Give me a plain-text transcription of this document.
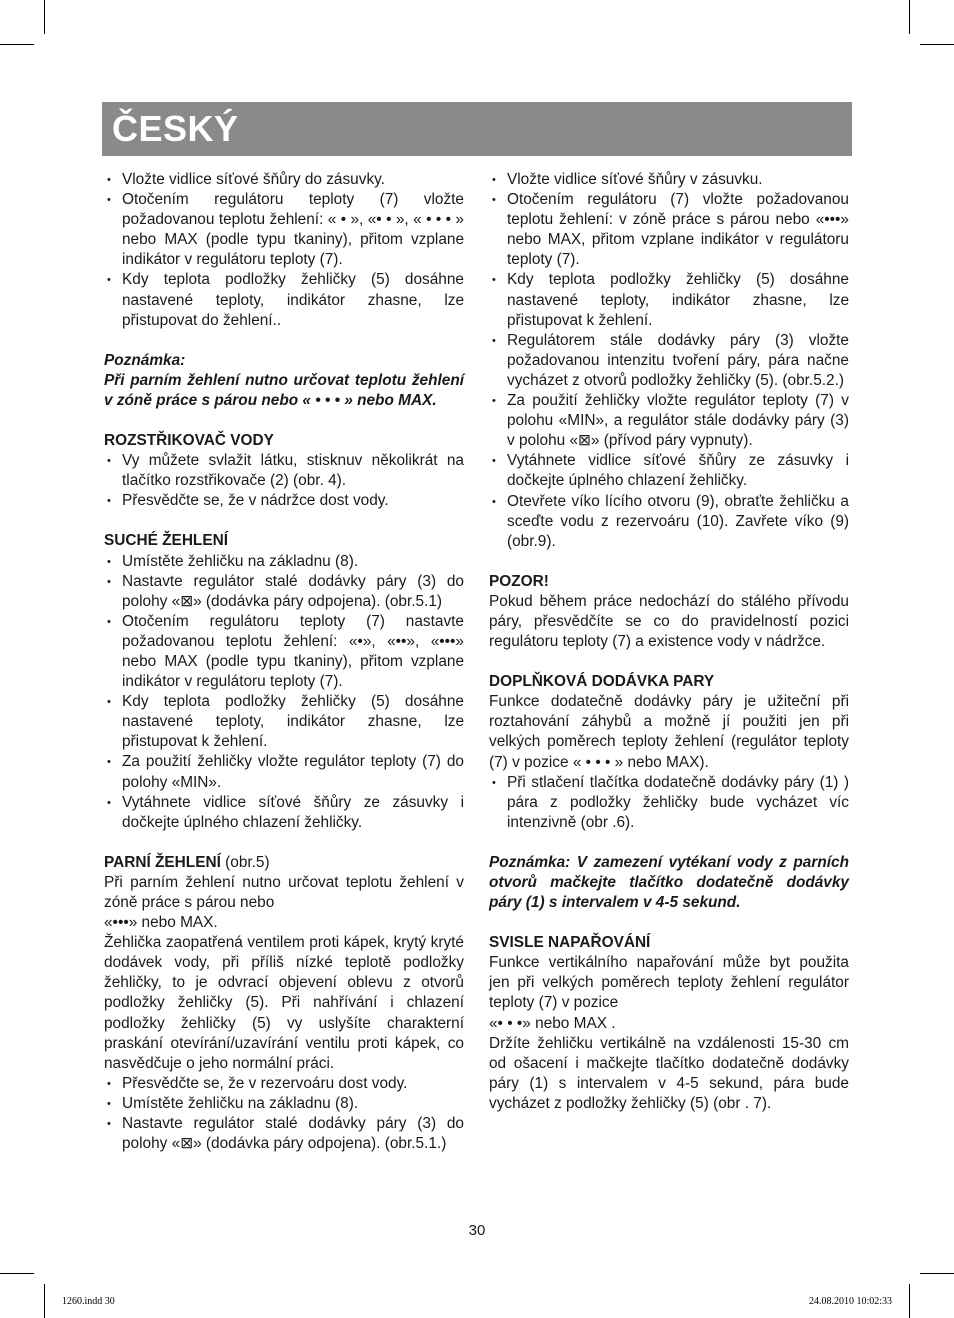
ČESKÝ
• Vložte vidlice síťové šňůry do zásuvky.
• Otočením regulátoru teploty (7) vložte požadovanou teplotu žehlení: « • », «• • », « • • • » nebo MAX (podle typu tkaniny), přitom vzplane indikátor v regulátoru teploty (7).
• Kdy teplota podložky žehličky (5) dosáhne nastavené teploty, indikátor zhasne, lze přistupovat do žehlení..

Poznámka:

Při parním žehlení nutno určovat teplotu žehlení v zóně práce s párou nebo « • • • » nebo MAX.

ROZSTŘIKOVAČ VODY

• Vy můžete svlažit látku, stisknuv několikrát na tlačítko rozstřikovače (2) (obr. 4).
• Přesvědčte se, že v nádržce dost vody.

SUCHÉ ŽEHLENÍ

• Umístěte žehličku na základnu (8).
• Nastavte regulátor stalé dodávky páry (3) do polohy «⊠» (dodávka páry odpojena). (obr.5.1)
• Otočením regulátoru teploty (7) nastavte požadovanou teplotu žehlení: «•», «••», «•••» nebo MAX (podle typu tkaniny), přitom vzplane indikátor v regulátoru teploty (7).
• Kdy teplota podložky žehličky (5) dosáhne nastavené teploty, indikátor zhasne, lze přistupovat k žehlení.
• Za použití žehličky vložte regulátor teploty (7) do polohy «MIN».
• Vytáhnete vidlice síťové šňůry ze zásuvky i dočkejte úplného chlazení žehličky.

PARNÍ ŽEHLENÍ (obr.5)

Při parním žehlení nutno určovat teplotu žehlení v zóně práce s párou nebo

«•••» nebo MAX.

Žehlička zaopatřená ventilem proti kápek, krytý kryté dodávek vody, při příliš nízké teplotě podložky žehličky, to je odvrací objevení oblevu z otvorů podložky žehličky (5). Při nahřívání i chlazení podložky žehličky (5) vy uslyšíte charakterní praskání otevírání/uzavírání ventilu proti kápek, co nasvědčuje o jeho normální práci.

• Přesvědčte se, že v rezervoáru dost vody.
• Umístěte žehličku na základnu (8).
• Nastavte regulátor stalé dodávky páry (3) do polohy «⊠» (dodávka páry odpojena). (obr.5.1.)
• Vložte vidlice síťové šňůry v zásuvku.
• Otočením regulátoru (7) vložte požadovanou teplotu žehlení: v zóně práce s párou nebo «•••» nebo MAX, přitom vzplane indikátor v regulátoru teploty (7).
• Kdy teplota podložky žehličky (5) dosáhne nastavené teploty, indikátor zhasne, lze přistupovat k žehlení.
• Regulátorem stále dodávky páry (3) vložte požadovanou intenzitu tvoření páry, pára načne vycházet z otvorů podložky žehličky (5). (obr.5.2.)
• Za použití žehličky vložte regulátor teploty (7) v polohu «MIN», a regulátor stále dodávky páry (3) v polohu «⊠» (přívod páry vypnuty).
• Vytáhnete vidlice síťové šňůry ze zásuvky i dočkejte úplného chlazení žehličky.
• Otevřete víko lícího otvoru (9), obraťte žehličku a sceďte vodu z rezervoáru (10). Zavřete víko (9) (obr.9).

POZOR!

Pokud během práce nedochází do stálého přívodu páry, přesvědčíte se co do pravidelností pozici regulátoru teploty (7) a existence vody v nádržce.

DOPLŇKOVÁ DODÁVKA PARY

Funkce dodatečně dodávky páry je užiteční při roztahování záhybů a možně jí použiti jen při velkých poměrech teploty žehlení (regulátor teploty (7) v pozice « • • • » nebo MAX).

• Při stlačení tlačítka dodatečně dodávky páry (1) ) pára z podložky žehličky bude vycházet víc intenzivně (obr .6).

Poznámka: V zamezení vytékaní vody z parních otvorů mačkejte tlačítko dodatečně dodávky páry (1) s intervalem v 4-5 sekund.

SVISLE NAPAŘOVÁNÍ

Funkce vertikálního napařování může byt použita jen při velkých poměrech teploty žehlení regulátor teploty (7) v pozice

«• • •» nebo MAX .

Držíte žehličku vertikálně na vzdálenosti 15-30 cm od ošacení i mačkejte tlačítko dodatečně dodávky páry (1) s intervalem v 4-5 sekund, pára bude vycházet z podložky žehličky (5) (obr . 7).

30
1260.indd 30	24.08.2010 10:02:33
